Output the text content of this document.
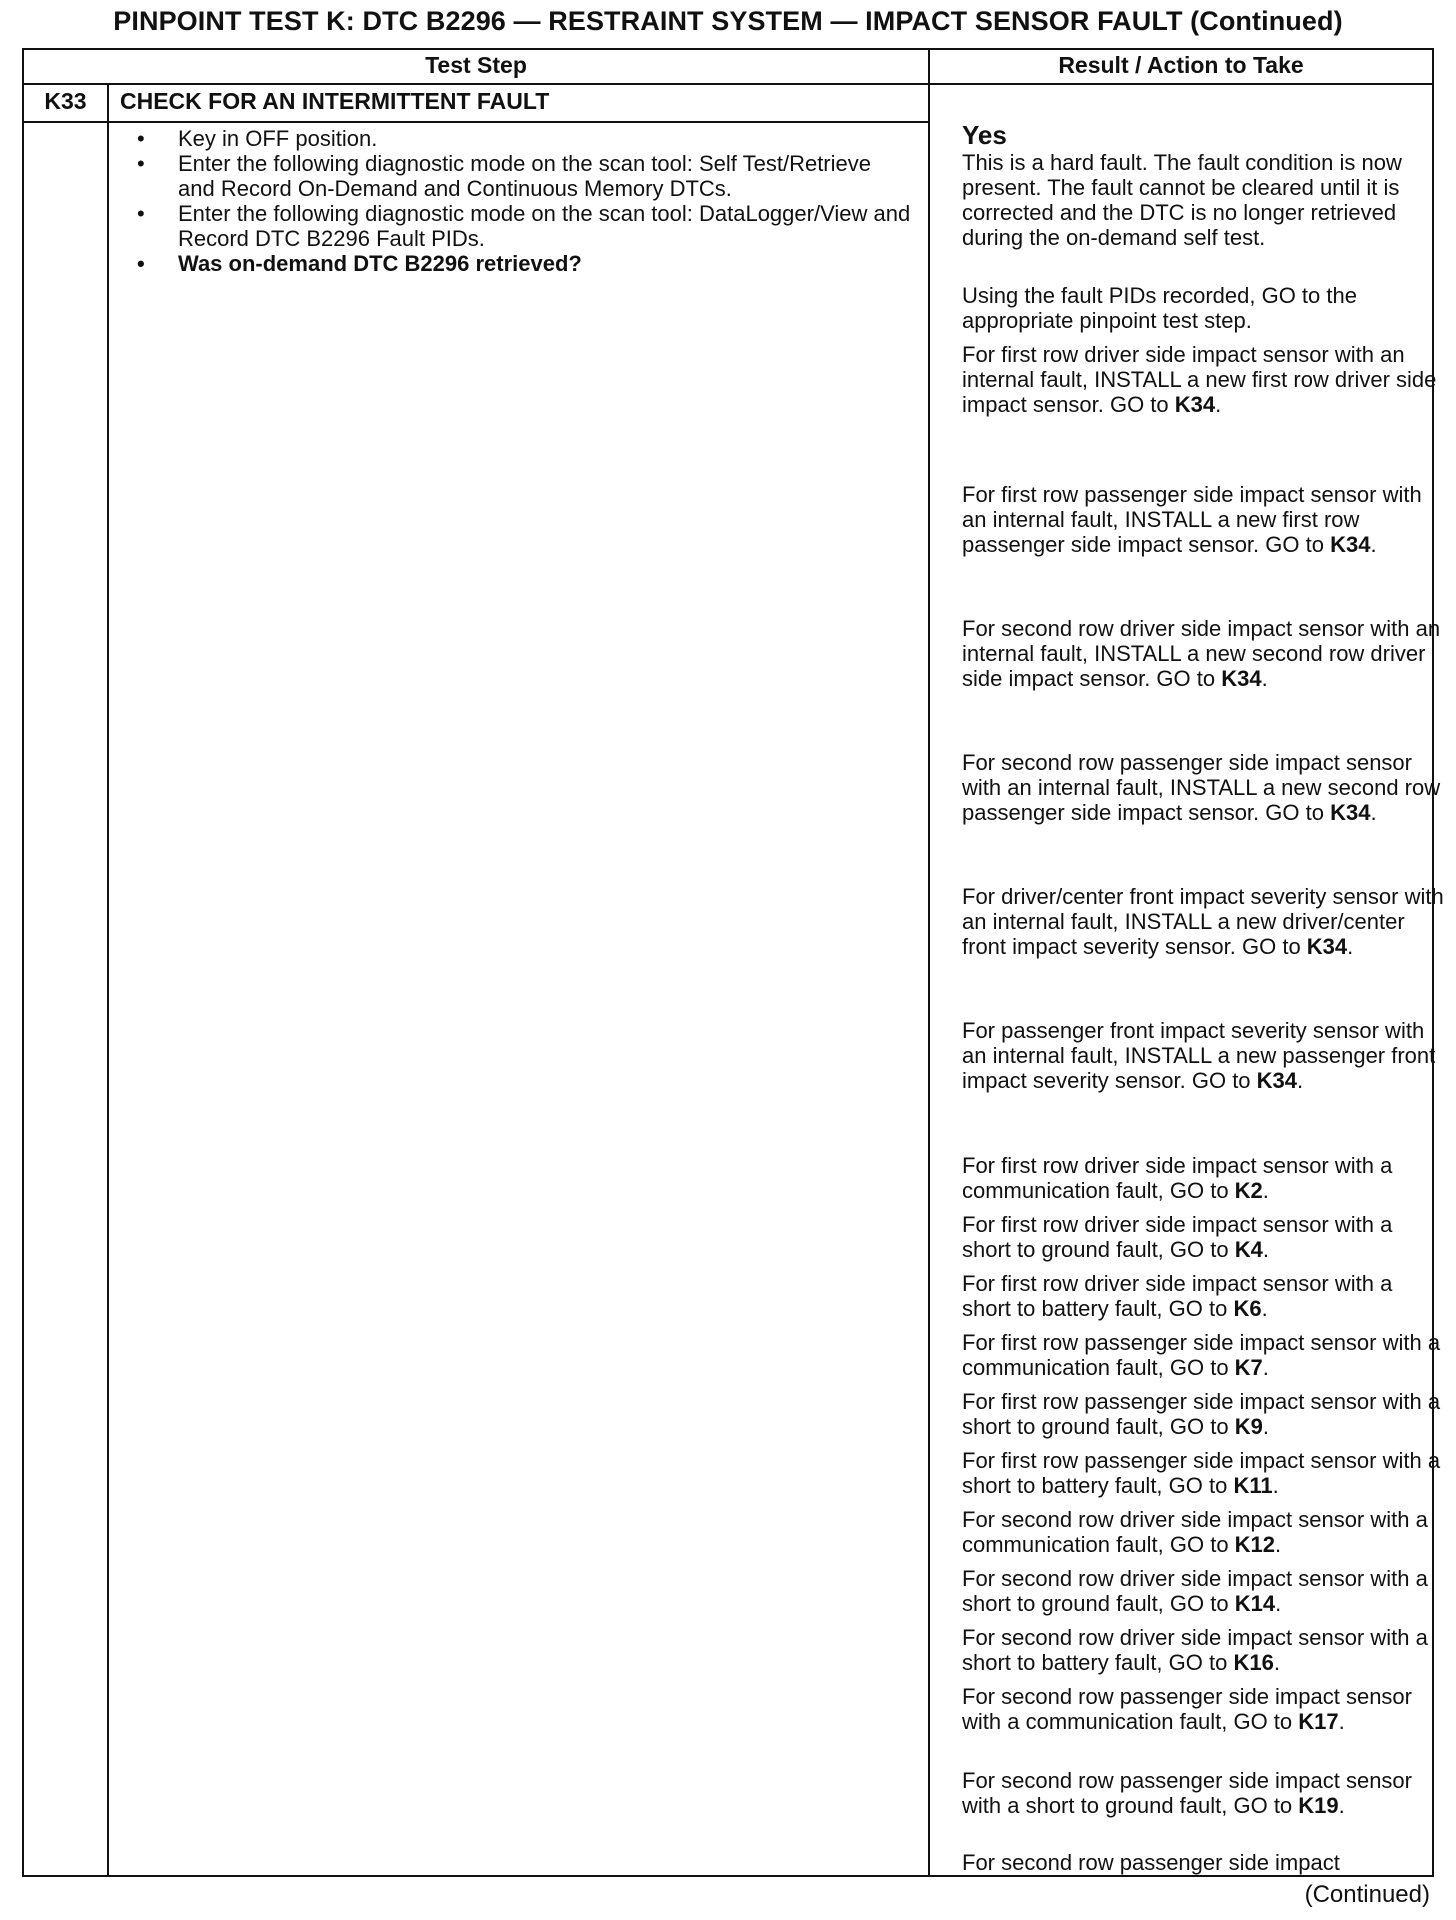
PINPOINT TEST K: DTC B2296 — RESTRAINT SYSTEM — IMPACT SENSOR FAULT (Continued)
Test Step	Result / Action to Take
K33	CHECK FOR AN INTERMITTENT FAULT
• Key in OFF position.
• Enter the following diagnostic mode on the scan tool: Self Test/Retrieve and Record On-Demand and Continuous Memory DTCs.
• Enter the following diagnostic mode on the scan tool: DataLogger/View and Record DTC B2296 Fault PIDs.
• Was on-demand DTC B2296 retrieved?

Yes

This is a hard fault. The fault condition is now present. The fault cannot be cleared until it is corrected and the DTC is no longer retrieved during the on-demand self test.

Using the fault PIDs recorded, GO to the appropriate pinpoint test step.

For first row driver side impact sensor with an internal fault, INSTALL a new first row driver side impact sensor. GO to K34.

For first row passenger side impact sensor with an internal fault, INSTALL a new first row passenger side impact sensor. GO to K34.

For second row driver side impact sensor with an internal fault, INSTALL a new second row driver side impact sensor. GO to K34.

For second row passenger side impact sensor with an internal fault, INSTALL a new second row passenger side impact sensor. GO to K34.

For driver/center front impact severity sensor with an internal fault, INSTALL a new driver/center front impact severity sensor. GO to K34.

For passenger front impact severity sensor with an internal fault, INSTALL a new passenger front impact severity sensor. GO to K34.

For first row driver side impact sensor with a communication fault, GO to K2.

For first row driver side impact sensor with a short to ground fault, GO to K4.

For first row driver side impact sensor with a short to battery fault, GO to K6.

For first row passenger side impact sensor with a communication fault, GO to K7.

For first row passenger side impact sensor with a short to ground fault, GO to K9.

For first row passenger side impact sensor with a short to battery fault, GO to K11.

For second row driver side impact sensor with a communication fault, GO to K12.

For second row driver side impact sensor with a short to ground fault, GO to K14.

For second row driver side impact sensor with a short to battery fault, GO to K16.

For second row passenger side impact sensor with a communication fault, GO to K17.

For second row passenger side impact sensor with a short to ground fault, GO to K19.

For second row passenger side impact

(Continued)
